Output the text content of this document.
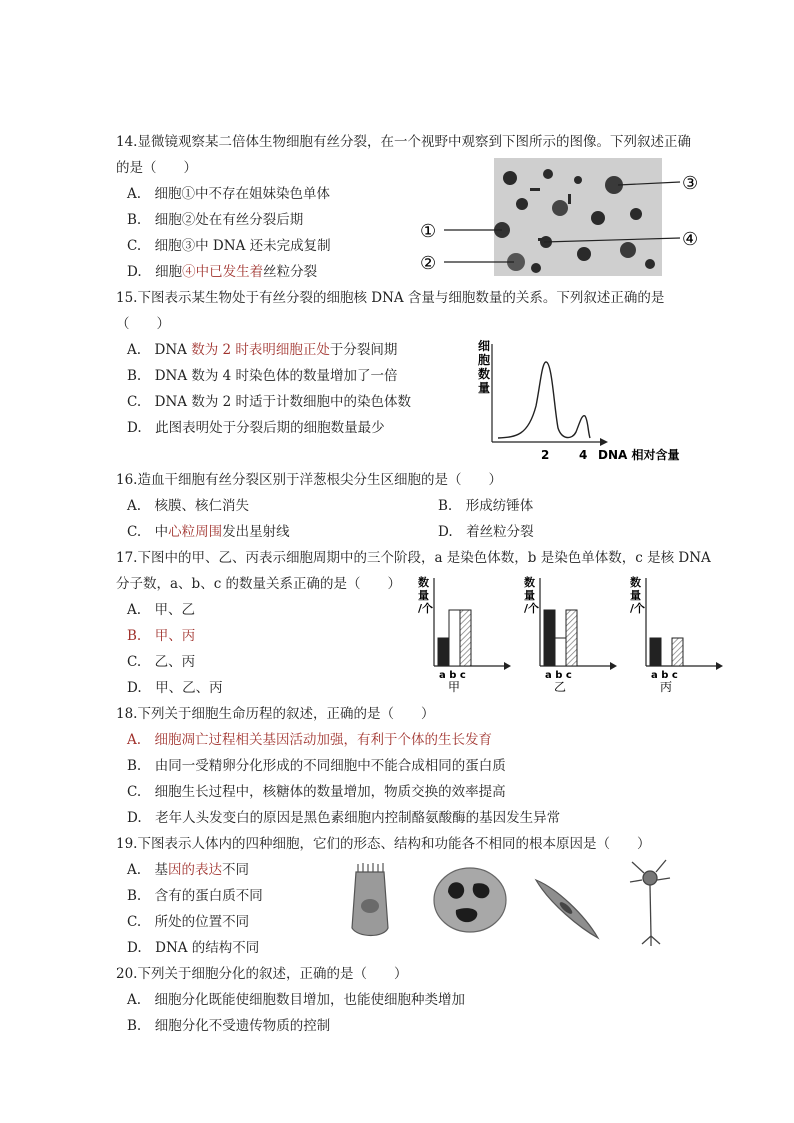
14.显微镜观察某二倍体生物细胞有丝分裂，在一个视野中观察到下图所示的图像。下列叙述正确
的是（　　）
A.　细胞①中不存在姐妹染色单体
B.　细胞②处在有丝分裂后期
C.　细胞③中 DNA 还未完成复制
D.　细胞④中已发生着丝粒分裂
①
②
③
④
15.下图表示某生物处于有丝分裂的细胞核 DNA 含量与细胞数量的关系。下列叙述正确的是
（　　）
A.　DNA 数为 2 时表明细胞正处于分裂间期
B.　DNA 数为 4 时染色体的数量增加了一倍
C.　DNA 数为 2 时适于计数细胞中的染色体数
D.　此图表明处于分裂后期的细胞数量最少
细
胞
数
量
2 4 DNA 相对含量
16.造血干细胞有丝分裂区别于洋葱根尖分生区细胞的是（　　）
A.　核膜、核仁消失	B.　形成纺锤体
C.　中心粒周围发出星射线	D.　着丝粒分裂
17.下图中的甲、乙、丙表示细胞周期中的三个阶段，a 是染色体数，b 是染色单体数，c 是核 DNA
分子数，a、b、c 的数量关系正确的是（　　）
A.　甲、乙
B.　甲、丙
C.　乙、丙
D.　甲、乙、丙
数
量
/个
a b c
甲
数
量
/个
a b c
乙
数
量
/个
a b c
丙
18.下列关于细胞生命历程的叙述，正确的是（　　）
A.　细胞凋亡过程相关基因活动加强，有利于个体的生长发育
B.　由同一受精卵分化形成的不同细胞中不能合成相同的蛋白质
C.　细胞生长过程中，核糖体的数量增加，物质交换的效率提高
D.　老年人头发变白的原因是黑色素细胞内控制酪氨酸酶的基因发生异常
19.下图表示人体内的四种细胞，它们的形态、结构和功能各不相同的根本原因是（　　）
A.　基因的表达不同
B.　含有的蛋白质不同
C.　所处的位置不同
D.　DNA 的结构不同
20.下列关于细胞分化的叙述，正确的是（　　）
A.　细胞分化既能使细胞数目增加，也能使细胞种类增加
B.　细胞分化不受遗传物质的控制
